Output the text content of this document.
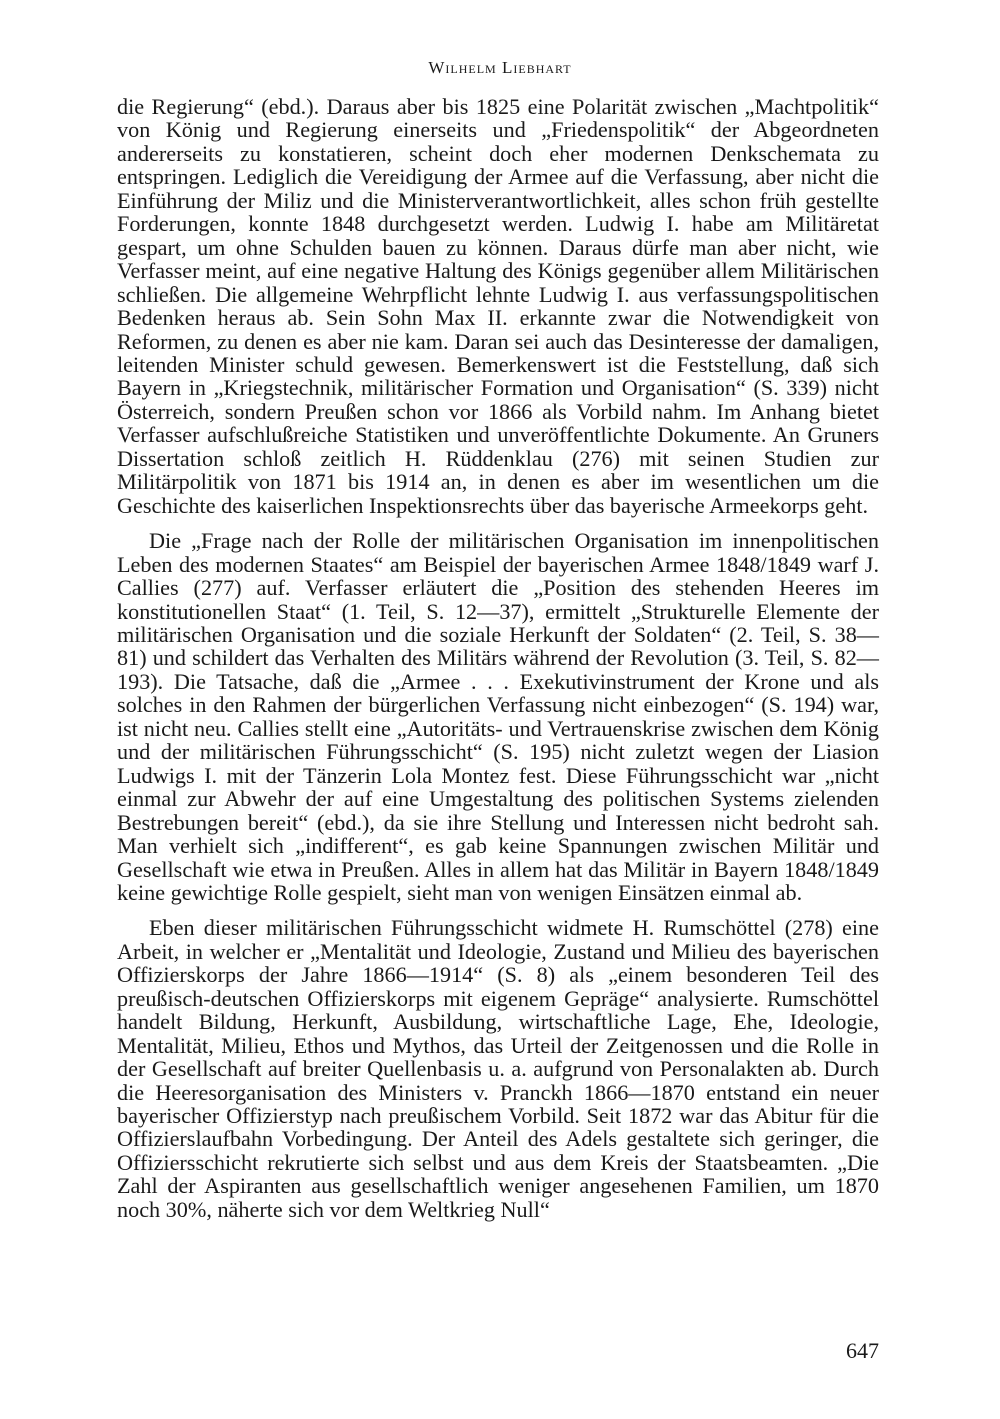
Wilhelm Liebhart

die Regierung“ (ebd.). Daraus aber bis 1825 eine Polarität zwischen „Machtpolitik“ von König und Regierung einerseits und „Friedenspolitik“ der Abgeordneten andererseits zu konstatieren, scheint doch eher modernen Denkschemata zu entspringen. Lediglich die Vereidigung der Armee auf die Verfassung, aber nicht die Einführung der Miliz und die Ministerverantwortlichkeit, alles schon früh gestellte Forderungen, konnte 1848 durchgesetzt werden. Ludwig I. habe am Militäretat gespart, um ohne Schulden bauen zu können. Daraus dürfe man aber nicht, wie Verfasser meint, auf eine negative Haltung des Königs gegenüber allem Militärischen schließen. Die allgemeine Wehrpflicht lehnte Ludwig I. aus verfassungspolitischen Bedenken heraus ab. Sein Sohn Max II. erkannte zwar die Notwendigkeit von Reformen, zu denen es aber nie kam. Daran sei auch das Desinteresse der damaligen, leitenden Minister schuld gewesen. Bemerkenswert ist die Feststellung, daß sich Bayern in „Kriegstechnik, militärischer Formation und Organisation“ (S. 339) nicht Österreich, sondern Preußen schon vor 1866 als Vorbild nahm. Im Anhang bietet Verfasser aufschlußreiche Statistiken und unveröffentlichte Dokumente. An Gruners Dissertation schloß zeitlich H. Rüddenklau (276) mit seinen Studien zur Militärpolitik von 1871 bis 1914 an, in denen es aber im wesentlichen um die Geschichte des kaiserlichen Inspektionsrechts über das bayerische Armeekorps geht.

Die „Frage nach der Rolle der militärischen Organisation im innenpolitischen Leben des modernen Staates“ am Beispiel der bayerischen Armee 1848/1849 warf J. Callies (277) auf. Verfasser erläutert die „Position des stehenden Heeres im konstitutionellen Staat“ (1. Teil, S. 12—37), ermittelt „Strukturelle Elemente der militärischen Organisation und die soziale Herkunft der Soldaten“ (2. Teil, S. 38—81) und schildert das Verhalten des Militärs während der Revolution (3. Teil, S. 82—193). Die Tatsache, daß die „Armee . . . Exekutivinstrument der Krone und als solches in den Rahmen der bürgerlichen Verfassung nicht einbezogen“ (S. 194) war, ist nicht neu. Callies stellt eine „Autoritäts- und Vertrauenskrise zwischen dem König und der militärischen Führungsschicht“ (S. 195) nicht zuletzt wegen der Liasion Ludwigs I. mit der Tänzerin Lola Montez fest. Diese Führungsschicht war „nicht einmal zur Abwehr der auf eine Umgestaltung des politischen Systems zielenden Bestrebungen bereit“ (ebd.), da sie ihre Stellung und Interessen nicht bedroht sah. Man verhielt sich „indifferent“, es gab keine Spannungen zwischen Militär und Gesellschaft wie etwa in Preußen. Alles in allem hat das Militär in Bayern 1848/1849 keine gewichtige Rolle gespielt, sieht man von wenigen Einsätzen einmal ab.

Eben dieser militärischen Führungsschicht widmete H. Rumschöttel (278) eine Arbeit, in welcher er „Mentalität und Ideologie, Zustand und Milieu des bayerischen Offizierskorps der Jahre 1866—1914“ (S. 8) als „einem besonderen Teil des preußisch-deutschen Offizierskorps mit eigenem Gepräge“ analysierte. Rumschöttel handelt Bildung, Herkunft, Ausbildung, wirtschaftliche Lage, Ehe, Ideologie, Mentalität, Milieu, Ethos und Mythos, das Urteil der Zeitgenossen und die Rolle in der Gesellschaft auf breiter Quellenbasis u. a. aufgrund von Personalakten ab. Durch die Heeresorganisation des Ministers v. Pranckh 1866—1870 entstand ein neuer bayerischer Offizierstyp nach preußischem Vorbild. Seit 1872 war das Abitur für die Offizierslaufbahn Vorbedingung. Der Anteil des Adels gestaltete sich geringer, die Offiziersschicht rekrutierte sich selbst und aus dem Kreis der Staatsbeamten. „Die Zahl der Aspiranten aus gesellschaftlich weniger angesehenen Familien, um 1870 noch 30%, näherte sich vor dem Weltkrieg Null“

647
